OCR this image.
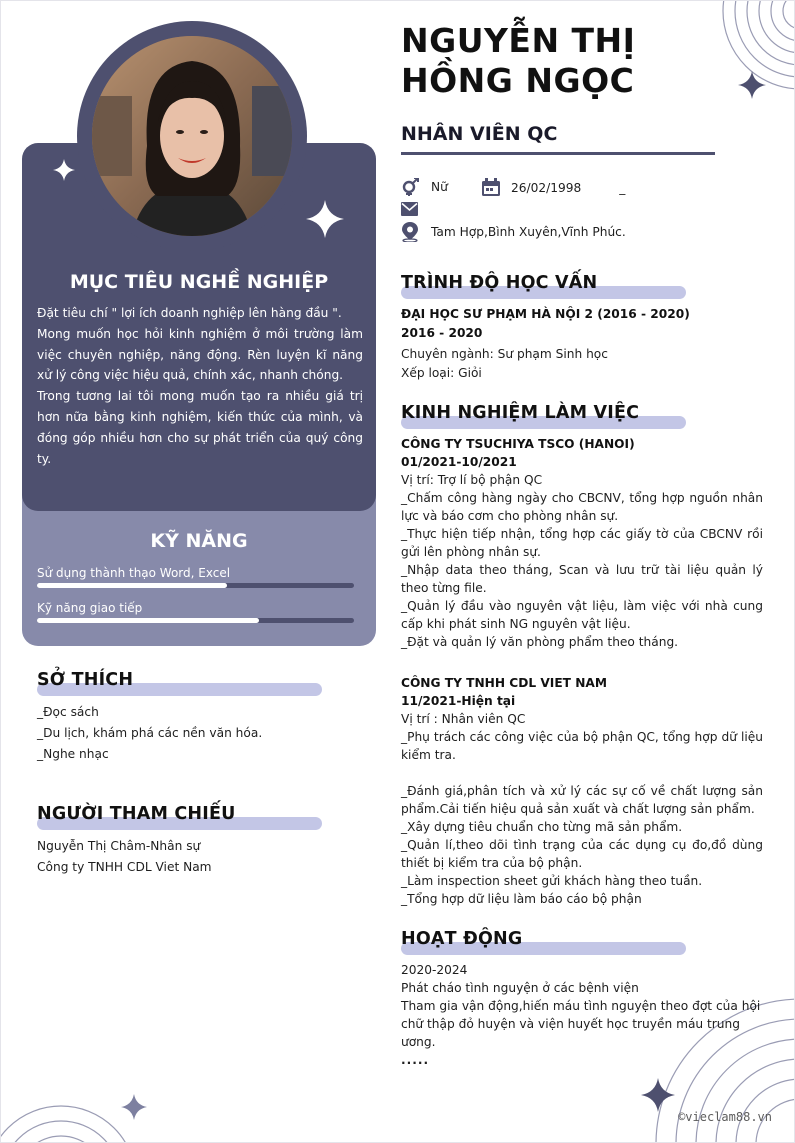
MỤC TIÊU NGHỀ NGHIỆP

Đặt tiêu chí " lợi ích doanh nghiệp lên hàng đầu ".

Mong muốn học hỏi kinh nghiệm ở môi trường làm việc chuyên nghiệp, năng động. Rèn luyện kĩ năng xử lý công việc hiệu quả, chính xác, nhanh chóng.

Trong tương lai tôi mong muốn tạo ra nhiều giá trị hơn nữa bằng kinh nghiệm, kiến thức của mình, và đóng góp nhiều hơn cho sự phát triển của quý công ty.

KỸ NĂNG
Sử dụng thành thạo Word, Excel
Kỹ năng giao tiếp
SỞ THÍCH
_Đọc sách
_Du lịch, khám phá các nền văn hóa.
_Nghe nhạc
NGƯỜI THAM CHIẾU
Nguyễn Thị Châm-Nhân sự
Công ty TNHH CDL Viet Nam
NGUYỄN THỊ HỒNG NGỌC
NHÂN VIÊN QC
Nữ	26/02/1998	_
Tam Hợp,Bình Xuyên,Vĩnh Phúc.
TRÌNH ĐỘ HỌC VẤN

ĐẠI HỌC SƯ PHẠM HÀ NỘI 2 (2016 - 2020)

2016 - 2020

Chuyên ngành: Sư phạm Sinh học

Xếp loại: Giỏi

KINH NGHIỆM LÀM VIỆC

CÔNG TY TSUCHIYA TSCO (HANOI)

01/2021-10/2021

Vị trí: Trợ lí bộ phận QC

_Chấm công hàng ngày cho CBCNV, tổng hợp nguồn nhân lực và báo cơm cho phòng nhân sự.

_Thực hiện tiếp nhận, tổng hợp các giấy tờ của CBCNV rồi gửi lên phòng nhân sự.

_Nhập data theo tháng, Scan và lưu trữ tài liệu quản lý theo từng file.

_Quản lý đầu vào nguyên vật liệu, làm việc với nhà cung cấp khi phát sinh NG nguyên vật liệu.

_Đặt và quản lý văn phòng phẩm theo tháng.

CÔNG TY TNHH CDL VIET NAM

11/2021-Hiện tại

Vị trí : Nhân viên QC

_Phụ trách các công việc của bộ phận QC, tổng hợp dữ liệu kiểm tra.

_Đánh giá,phân tích và xử lý các sự cố về chất lượng sản phẩm.Cải tiến hiệu quả sản xuất và chất lượng sản phẩm.

_Xây dựng tiêu chuẩn cho từng mã sản phẩm.

_Quản lí,theo dõi tình trạng của các dụng cụ đo,đồ dùng thiết bị kiểm tra của bộ phận.

_Làm inspection sheet gửi khách hàng theo tuần.

_Tổng hợp dữ liệu làm báo cáo bộ phận

HOẠT ĐỘNG

2020-2024

Phát cháo tình nguyện ở các bệnh viện

Tham gia vận động,hiến máu tình nguyện theo đợt của hội chữ thập đỏ huyện và viện huyết học truyền máu trung ương.

.....

©vieclam88.vn
